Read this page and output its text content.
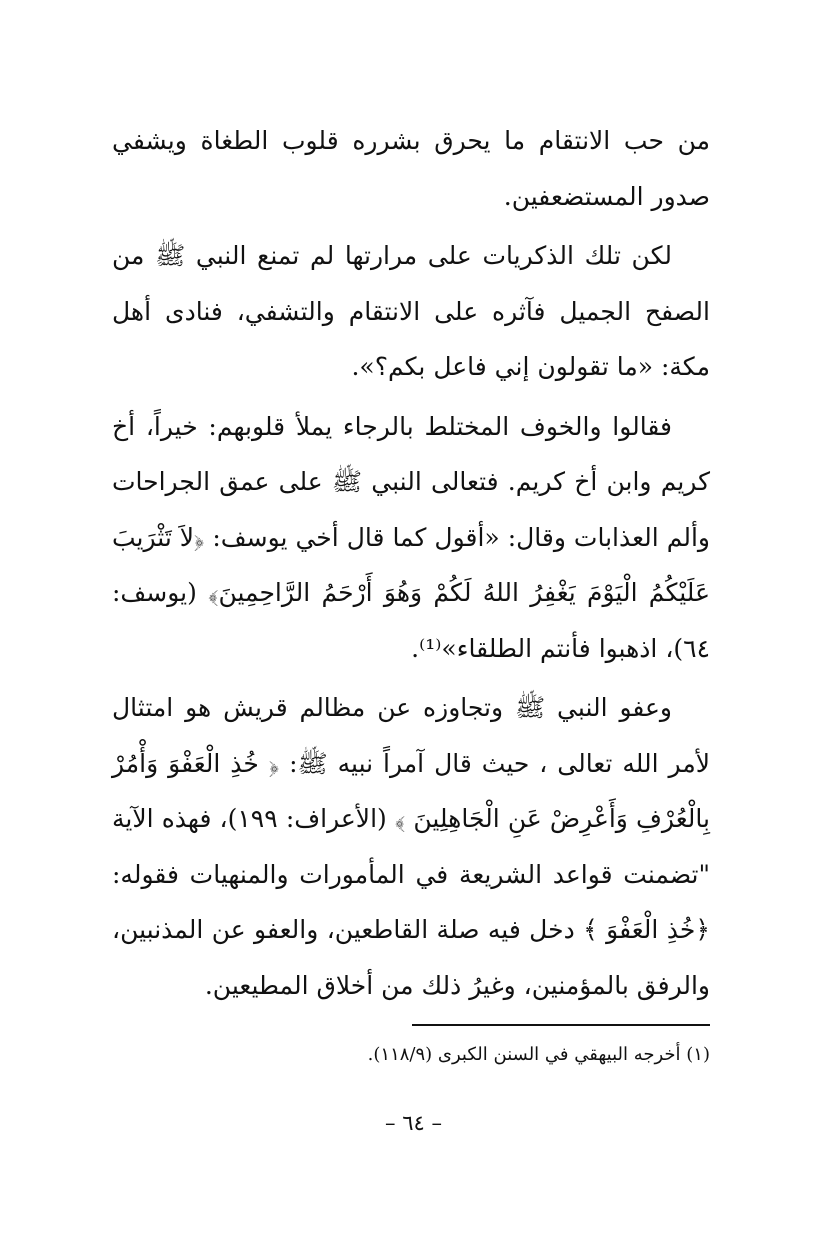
من حب الانتقام ما يحرق بشرره قلوب الطغاة ويشفي صدور المستضعفين.

لكن تلك الذكريات على مرارتها لم تمنع النبي ﷺ من الصفح الجميل فآثره على الانتقام والتشفي، فنادى أهل مكة: «ما تقولون إني فاعل بكم؟».

فقالوا والخوف المختلط بالرجاء يملأ قلوبهم: خيراً، أخ كريم وابن أخ كريم. فتعالى النبي ﷺ على عمق الجراحات وألم العذابات وقال: «أقول كما قال أخي يوسف: ﴿لاَ تَثْرَيبَ عَلَيْكُمُ الْيَوْمَ يَغْفِرُ اللهُ لَكُمْ وَهُوَ أَرْحَمُ الرَّاحِمِينَ﴾ (يوسف: ٦٤)، اذهبوا فأنتم الطلقاء»⁽¹⁾.

وعفو النبي ﷺ وتجاوزه عن مظالم قريش هو امتثال لأمر الله تعالى ، حيث قال آمراً نبيه ﷺ: ﴿ خُذِ الْعَفْوَ وَأْمُرْ بِالْعُرْفِ وَأَعْرِضْ عَنِ الْجَاهِلِينَ ﴾ (الأعراف: ١٩٩)، فهذه الآية "تضمنت قواعد الشريعة في المأمورات والمنهيات فقوله: ﴿خُذِ الْعَفْوَ ﴾ دخل فيه صلة القاطعين، والعفو عن المذنبين، والرفق بالمؤمنين، وغيرُ ذلك من أخلاق المطيعين.

(١) أخرجه البيهقي في السنن الكبرى (١١٨/٩).
– ٦٤ –
